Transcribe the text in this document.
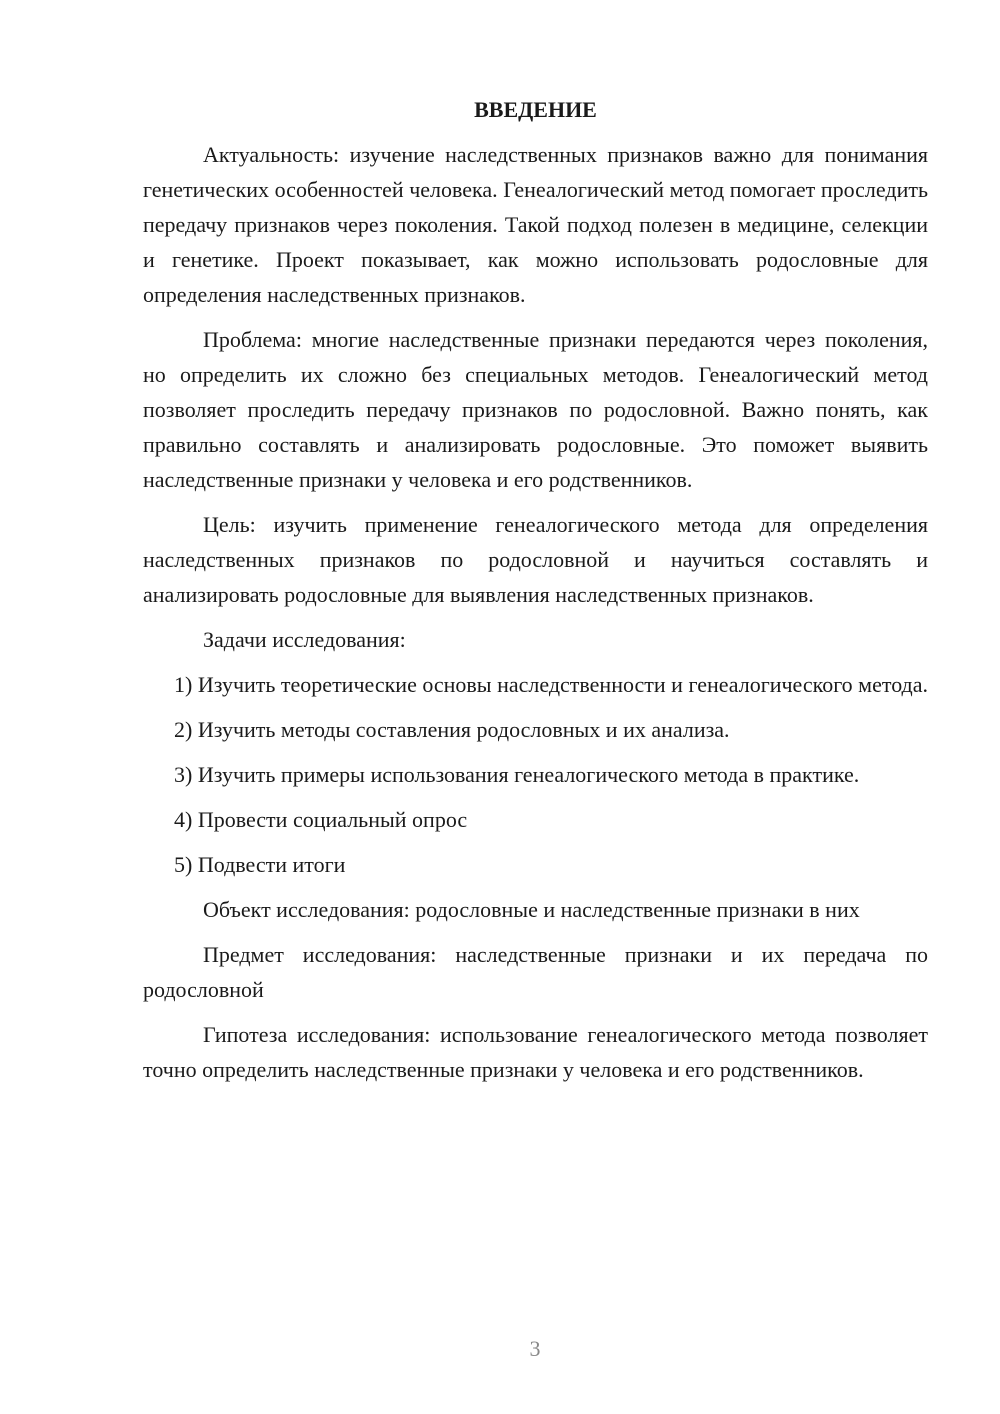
ВВЕДЕНИЕ

Актуальность: изучение наследственных признаков важно для понимания генетических особенностей человека. Генеалогический метод помогает проследить передачу признаков через поколения. Такой подход полезен в медицине, селекции и генетике. Проект показывает, как можно использовать родословные для определения наследственных признаков.

Проблема: многие наследственные признаки передаются через поколения, но определить их сложно без специальных методов. Генеалогический метод позволяет проследить передачу признаков по родословной. Важно понять, как правильно составлять и анализировать родословные. Это поможет выявить наследственные признаки у человека и его родственников.

Цель: изучить применение генеалогического метода для определения наследственных признаков по родословной и научиться составлять и анализировать родословные для выявления наследственных признаков.

Задачи исследования:

1) Изучить теоретические основы наследственности и генеалогического метода.

2) Изучить методы составления родословных и их анализа.

3) Изучить примеры использования генеалогического метода в практике.

4) Провести социальный опрос

5) Подвести итоги

Объект исследования: родословные и наследственные признаки в них

Предмет исследования: наследственные признаки и их передача по родословной

Гипотеза исследования: использование генеалогического метода позволяет точно определить наследственные признаки у человека и его родственников.

3
